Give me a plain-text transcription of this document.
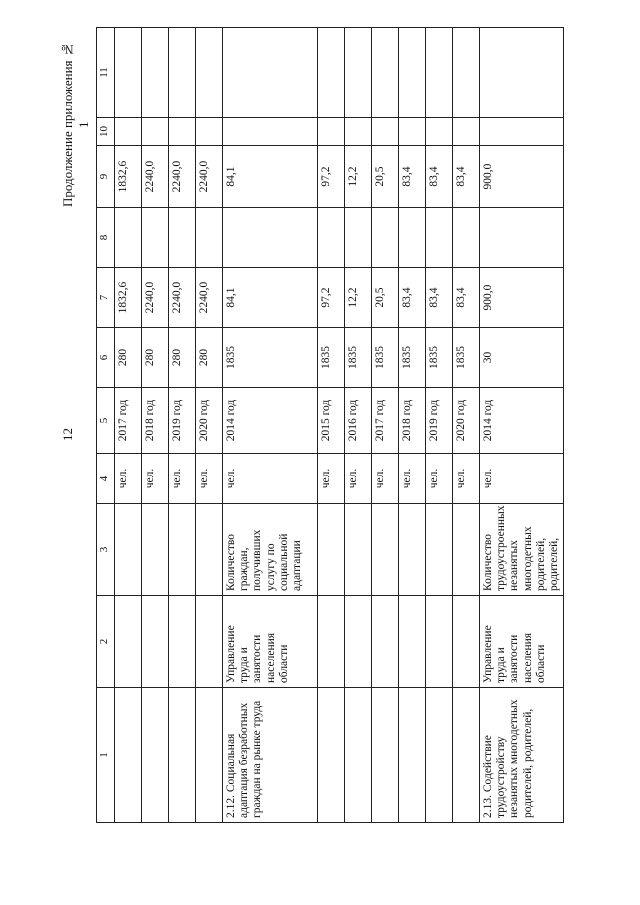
12
Продолжение приложения № 1
1	2	3	4	5	6	7	8	9	10	11
			чел.	2017 год	280	1832,6		1832,6		
			чел.	2018 год	280	2240,0		2240,0		
			чел.	2019 год	280	2240,0		2240,0		
			чел.	2020 год	280	2240,0		2240,0		
2.12. Социальная адаптация безработных граждан на рынке труда	Управление труда и занятости населения области	Количество граждан, получивших услугу по социальной адаптации	чел.	2014 год	1835	84,1		84,1		
			чел.	2015 год	1835	97,2		97,2		
			чел.	2016 год	1835	12,2		12,2		
			чел.	2017 год	1835	20,5		20,5		
			чел.	2018 год	1835	83,4		83,4		
			чел.	2019 год	1835	83,4		83,4		
			чел.	2020 год	1835	83,4		83,4		
2.13. Содействие трудоустройству незанятых многодетных родителей, родителей,	Управление труда и занятости населения области	Количество трудоустроенных незанятых многодетных родителей, родителей,	чел.	2014 год	30	900,0		900,0		
